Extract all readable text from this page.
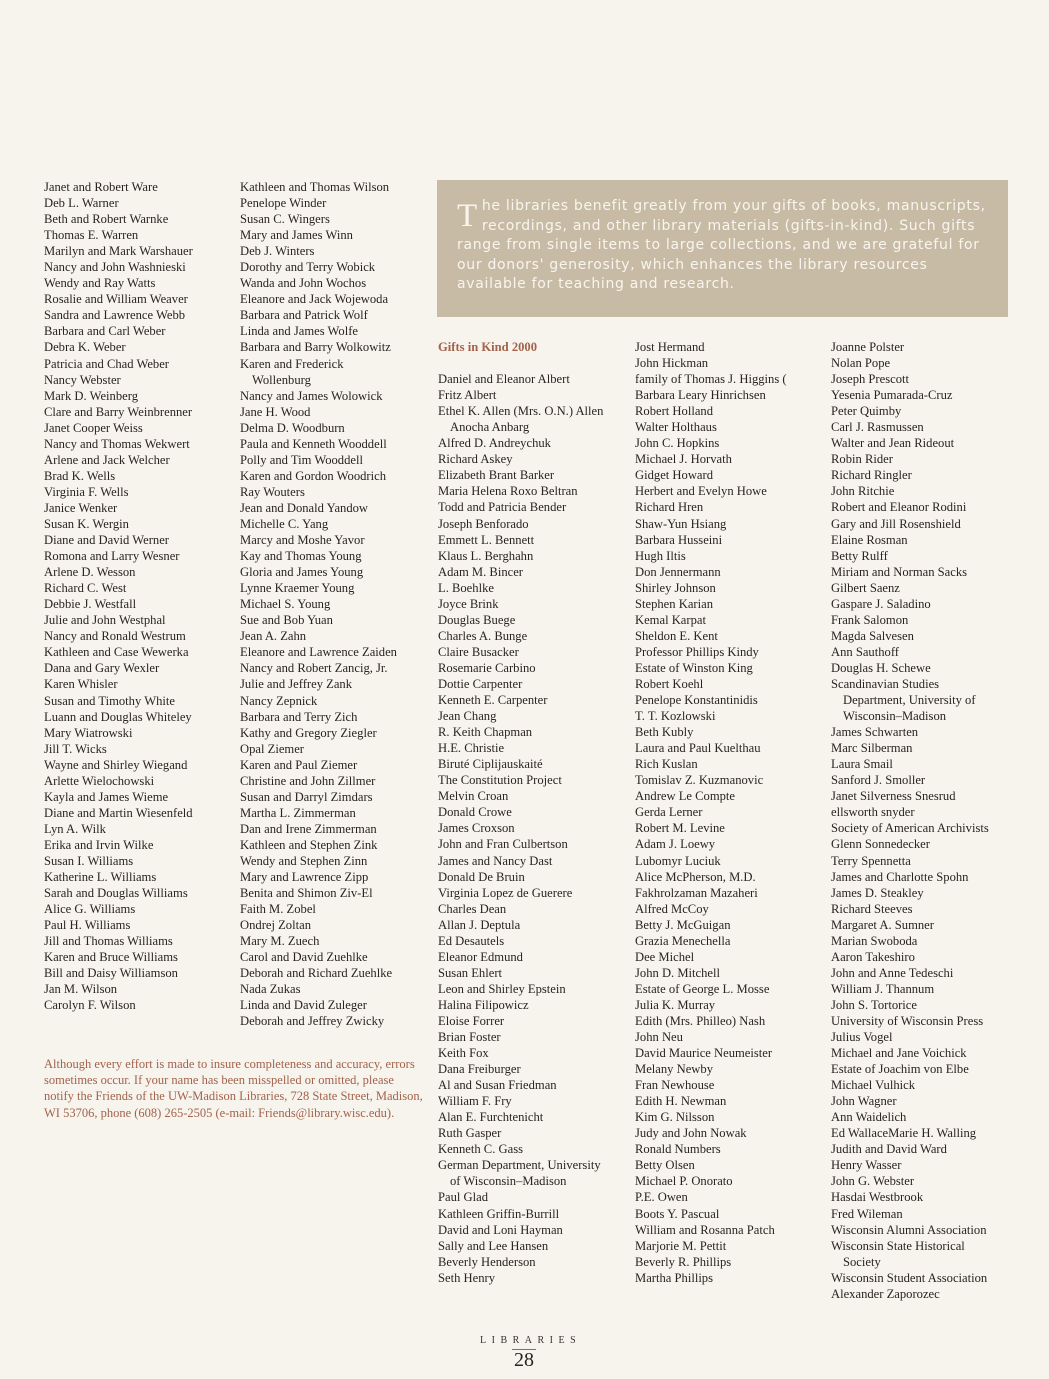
The libraries benefit greatly from your gifts of books, manuscripts, recordings, and other library materials (gifts-in-kind). Such gifts range from single items to large collections, and we are grateful for our donors' generosity, which enhances the library resources available for teaching and research.
Janet and Robert Ware
Deb L. Warner
Beth and Robert Warnke
Thomas E. Warren
Marilyn and Mark Warshauer
Nancy and John Washnieski
Wendy and Ray Watts
Rosalie and William Weaver
Sandra and Lawrence Webb
Barbara and Carl Weber
Debra K. Weber
Patricia and Chad Weber
Nancy Webster
Mark D. Weinberg
Clare and Barry Weinbrenner
Janet Cooper Weiss
Nancy and Thomas Wekwert
Arlene and Jack Welcher
Brad K. Wells
Virginia F. Wells
Janice Wenker
Susan K. Wergin
Diane and David Werner
Romona and Larry Wesner
Arlene D. Wesson
Richard C. West
Debbie J. Westfall
Julie and John Westphal
Nancy and Ronald Westrum
Kathleen and Case Wewerka
Dana and Gary Wexler
Karen Whisler
Susan and Timothy White
Luann and Douglas Whiteley
Mary Wiatrowski
Jill T. Wicks
Wayne and Shirley Wiegand
Arlette Wielochowski
Kayla and James Wieme
Diane and Martin Wiesenfeld
Lyn A. Wilk
Erika and Irvin Wilke
Susan I. Williams
Katherine L. Williams
Sarah and Douglas Williams
Alice G. Williams
Paul H. Williams
Jill and Thomas Williams
Karen and Bruce Williams
Bill and Daisy Williamson
Jan M. Wilson
Carolyn F. Wilson
Kathleen and Thomas Wilson
Penelope Winder
Susan C. Wingers
Mary and James Winn
Deb J. Winters
Dorothy and Terry Wobick
Wanda and John Wochos
Eleanore and Jack Wojewoda
Barbara and Patrick Wolf
Linda and James Wolfe
Barbara and Barry Wolkowitz
Karen and Frederick
Wollenburg
Nancy and James Wolowick
Jane H. Wood
Delma D. Woodburn
Paula and Kenneth Wooddell
Polly and Tim Wooddell
Karen and Gordon Woodrich
Ray Wouters
Jean and Donald Yandow
Michelle C. Yang
Marcy and Moshe Yavor
Kay and Thomas Young
Gloria and James Young
Lynne Kraemer Young
Michael S. Young
Sue and Bob Yuan
Jean A. Zahn
Eleanore and Lawrence Zaiden
Nancy and Robert Zancig, Jr.
Julie and Jeffrey Zank
Nancy Zepnick
Barbara and Terry Zich
Kathy and Gregory Ziegler
Opal Ziemer
Karen and Paul Ziemer
Christine and John Zillmer
Susan and Darryl Zimdars
Martha L. Zimmerman
Dan and Irene Zimmerman
Kathleen and Stephen Zink
Wendy and Stephen Zinn
Mary and Lawrence Zipp
Benita and Shimon Ziv-El
Faith M. Zobel
Ondrej Zoltan
Mary M. Zuech
Carol and David Zuehlke
Deborah and Richard Zuehlke
Nada Zukas
Linda and David Zuleger
Deborah and Jeffrey Zwicky
Gifts in Kind 2000
Daniel and Eleanor Albert
Fritz Albert
Ethel K. Allen (Mrs. O.N.) Allen
Anocha Anbarg
Alfred D. Andreychuk
Richard Askey
Elizabeth Brant Barker
Maria Helena Roxo Beltran
Todd and Patricia Bender
Joseph Benforado
Emmett L. Bennett
Klaus L. Berghahn
Adam M. Bincer
L. Boehlke
Joyce Brink
Douglas Buege
Charles A. Bunge
Claire Busacker
Rosemarie Carbino
Dottie Carpenter
Kenneth E. Carpenter
Jean Chang
R. Keith Chapman
H.E. Christie
Biruté Ciplijauskaité
The Constitution Project
Melvin Croan
Donald Crowe
James Croxson
John and Fran Culbertson
James and Nancy Dast
Donald De Bruin
Virginia Lopez de Guerere
Charles Dean
Allan J. Deptula
Ed Desautels
Eleanor Edmund
Susan Ehlert
Leon and Shirley Epstein
Halina Filipowicz
Eloise Forrer
Brian Foster
Keith Fox
Dana Freiburger
Al and Susan Friedman
William F. Fry
Alan E. Furchtenicht
Ruth Gasper
Kenneth C. Gass
German Department, University
of Wisconsin–Madison
Paul Glad
Kathleen Griffin-Burrill
David and Loni Hayman
Sally and Lee Hansen
Beverly Henderson
Seth Henry
Jost Hermand
John Hickman
family of Thomas J. Higgins (
Barbara Leary Hinrichsen
Robert Holland
Walter Holthaus
John C. Hopkins
Michael J. Horvath
Gidget Howard
Herbert and Evelyn Howe
Richard Hren
Shaw-Yun Hsiang
Barbara Husseini
Hugh Iltis
Don Jennermann
Shirley Johnson
Stephen Karian
Kemal Karpat
Sheldon E. Kent
Professor Phillips Kindy
Estate of Winston King
Robert Koehl
Penelope Konstantinidis
T. T. Kozlowski
Beth Kubly
Laura and Paul Kuelthau
Rich Kuslan
Tomislav Z. Kuzmanovic
Andrew Le Compte
Gerda Lerner
Robert M. Levine
Adam J. Loewy
Lubomyr Luciuk
Alice McPherson, M.D.
Fakhrolzaman Mazaheri
Alfred McCoy
Betty J. McGuigan
Grazia Menechella
Dee Michel
John D. Mitchell
Estate of George L. Mosse
Julia K. Murray
Edith (Mrs. Philleo) Nash
John Neu
David Maurice Neumeister
Melany Newby
Fran Newhouse
Edith H. Newman
Kim G. Nilsson
Judy and John Nowak
Ronald Numbers
Betty Olsen
Michael P. Onorato
P.E. Owen
Boots Y. Pascual
William and Rosanna Patch
Marjorie M. Pettit
Beverly R. Phillips
Martha Phillips
Joanne Polster
Nolan Pope
Joseph Prescott
Yesenia Pumarada-Cruz
Peter Quimby
Carl J. Rasmussen
Walter and Jean Rideout
Robin Rider
Richard Ringler
John Ritchie
Robert and Eleanor Rodini
Gary and Jill Rosenshield
Elaine Rosman
Betty Rulff
Miriam and Norman Sacks
Gilbert Saenz
Gaspare J. Saladino
Frank Salomon
Magda Salvesen
Ann Sauthoff
Douglas H. Schewe
Scandinavian Studies
Department, University of
Wisconsin–Madison
James Schwarten
Marc Silberman
Laura Smail
Sanford J. Smoller
Janet Silverness Snesrud
ellsworth snyder
Society of American Archivists
Glenn Sonnedecker
Terry Spennetta
James and Charlotte Spohn
James D. Steakley
Richard Steeves
Margaret A. Sumner
Marian Swoboda
Aaron Takeshiro
John and Anne Tedeschi
William J. Thannum
John S. Tortorice
University of Wisconsin Press
Julius Vogel
Michael and Jane Voichick
Estate of Joachim von Elbe
Michael Vulhick
John Wagner
Ann Waidelich
Ed WallaceMarie H. Walling
Judith and David Ward
Henry Wasser
John G. Webster
Hasdai Westbrook
Fred Wileman
Wisconsin Alumni Association
Wisconsin State Historical
Society
Wisconsin Student Association
Alexander Zaporozec
Although every effort is made to insure completeness and accuracy, errors sometimes occur. If your name has been misspelled or omitted, please notify the Friends of the UW-Madison Libraries, 728 State Street, Madison, WI 53706, phone (608) 265-2505 (e-mail: Friends@library.wisc.edu).
LIBRARIES
28
